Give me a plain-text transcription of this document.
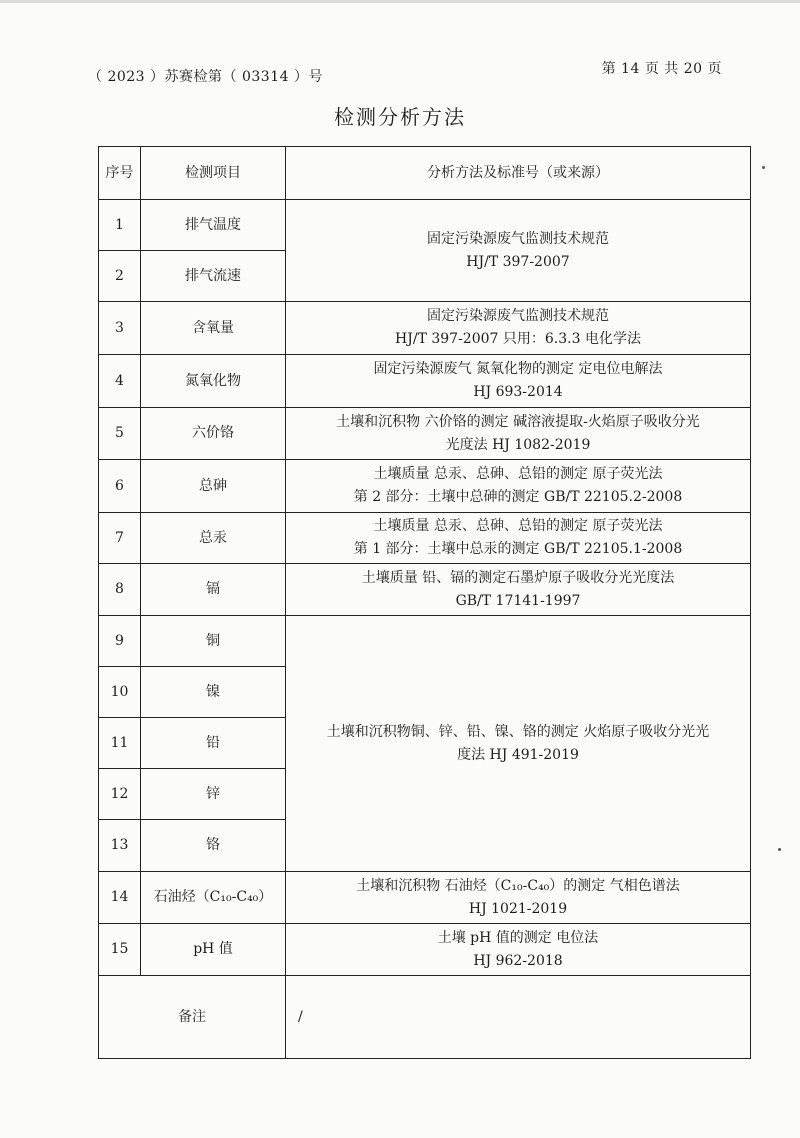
（ 2023 ）苏赛检第（ 03314 ）号	第 14 页 共 20 页
检测分析方法
序号	检测项目	分析方法及标准号（或来源）
1	排气温度	固定污染源废气监测技术规范
HJ/T 397-2007

2	排气流速	
3	含氧量	固定污染源废气监测技术规范
HJ/T 397-2007 只用：6.3.3 电化学法

4	氮氧化物	固定污染源废气 氮氧化物的测定 定电位电解法
HJ 693-2014

5	六价铬	土壤和沉积物 六价铬的测定 碱溶液提取-火焰原子吸收分光
光度法 HJ 1082-2019

6	总砷	土壤质量 总汞、总砷、总铅的测定 原子荧光法
第 2 部分：土壤中总砷的测定 GB/T 22105.2-2008

7	总汞	土壤质量 总汞、总砷、总铅的测定 原子荧光法
第 1 部分：土壤中总汞的测定 GB/T 22105.1-2008

8	镉	土壤质量 铅、镉的测定石墨炉原子吸收分光光度法
GB/T 17141-1997

9	铜	土壤和沉积物铜、锌、铅、镍、铬的测定 火焰原子吸收分光光
度法 HJ 491-2019

10	镍	
11	铅	
12	锌	
13	铬	
14	石油烃（C₁₀-C₄₀）	土壤和沉积物 石油烃（C₁₀-C₄₀）的测定 气相色谱法
HJ 1021-2019

15	pH 值	土壤 pH 值的测定 电位法
HJ 962-2018

备注		/
